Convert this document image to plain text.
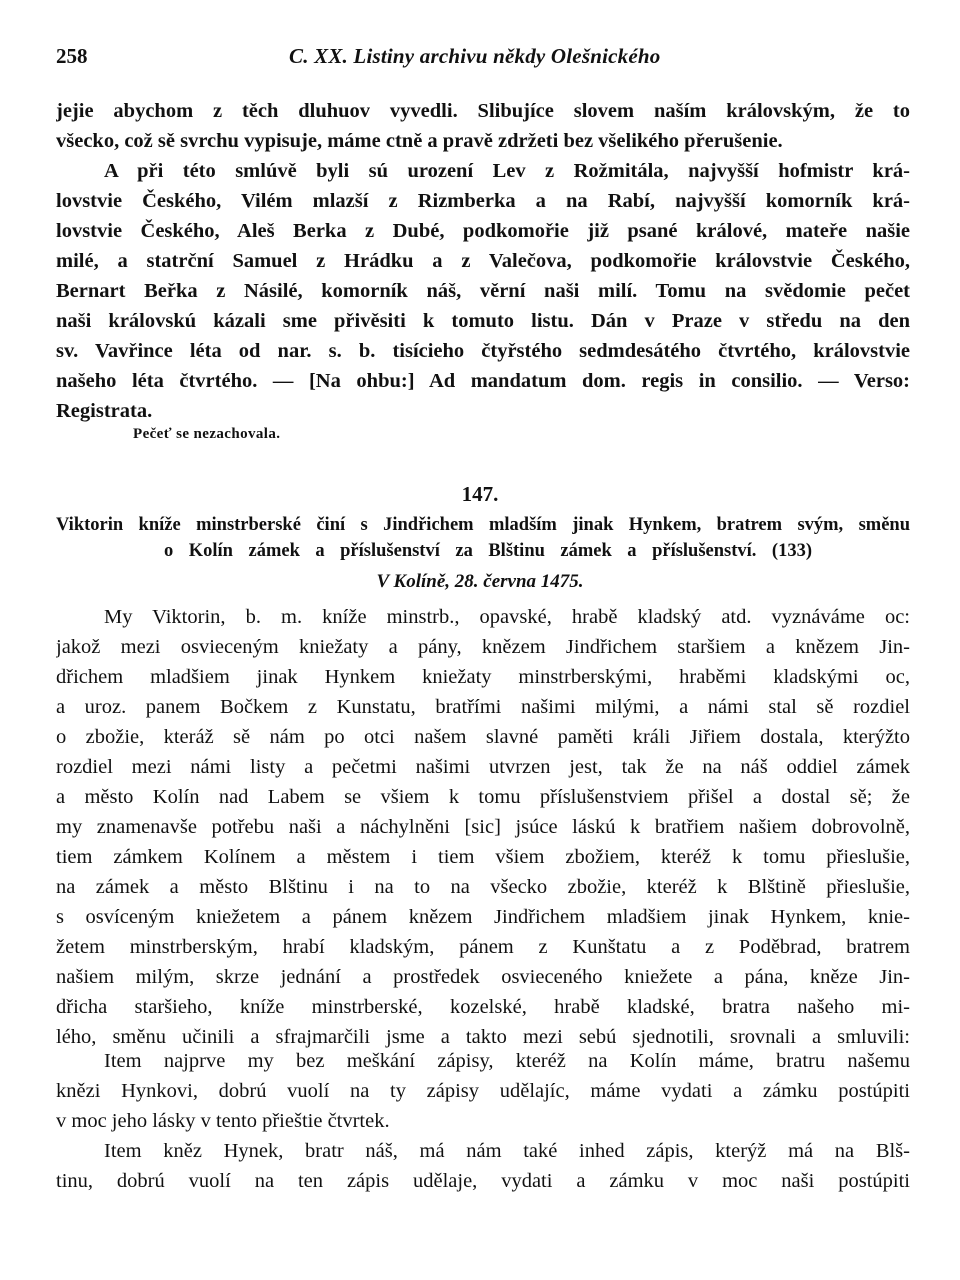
258	C. XX. Listiny archivu někdy Olešnického
jejie abychom z těch dluhuov vyvedli. Slibujíce slovem naším královským, že to
všecko, což sě svrchu vypisuje, máme ctně a pravě zdržeti bez všelikého přerušenie.
A při této smlúvě byli sú urození Lev z Rožmitála, najvyšší hofmistr krá-
lovstvie Českého, Vilém mlazší z Rizmberka a na Rabí, najvyšší komorník krá-
lovstvie Českého, Aleš Berka z Dubé, podkomořie již psané králové, mateře našie
milé, a statrční Samuel z Hrádku a z Valečova, podkomořie královstvie Českého,
Bernart Beřka z Násilé, komorník náš, věrní naši milí. Tomu na svědomie pečet
naši královskú kázali sme přivěsiti k tomuto listu. Dán v Praze v středu na den
sv. Vavřince léta od nar. s. b. tisícieho čtyřstého sedmdesátého čtvrtého, královstvie
našeho léta čtvrtého. — [Na ohbu:] Ad mandatum dom. regis in consilio. — Verso:
Registrata.
Pečeť se nezachovala.
147.
Viktorin kníže minstrberské činí s Jindřichem mladším jinak Hynkem, bratrem svým, směnu
o Kolín zámek a příslušenství za Blštinu zámek a příslušenství. (133)
V Kolíně, 28. června 1475.
My Viktorin, b. m. kníže minstrb., opavské, hrabě kladský atd. vyznáváme oc:
jakož mezi osvieceným kniežaty a pány, knězem Jindřichem staršiem a knězem Jin-
dřichem mladšiem jinak Hynkem kniežaty minstrberskými, hraběmi kladskými oc,
a uroz. panem Bočkem z Kunstatu, bratřími našimi milými, a námi stal sě rozdiel
o zbožie, kteráž sě nám po otci našem slavné paměti králi Jiřiem dostala, kterýžto
rozdiel mezi námi listy a pečetmi našimi utvrzen jest, tak že na náš oddiel zámek
a město Kolín nad Labem se všiem k tomu příslušenstviem přišel a dostal sě; že
my znamenavše potřebu naši a náchylněni [sic] jsúce láskú k bratřiem našiem dobrovolně,
tiem zámkem Kolínem a městem i tiem všiem zbožiem, kteréž k tomu přieslušie,
na zámek a město Blštinu i na to na všecko zbožie, kteréž k Blštině přieslušie,
s osvíceným kniežetem a pánem knězem Jindřichem mladšiem jinak Hynkem, knie-
žetem minstrberským, hrabí kladským, pánem z Kunštatu a z Poděbrad, bratrem
našiem milým, skrze jednání a prostředek osvieceného kniežete a pána, kněze Jin-
dřicha staršieho, kníže minstrberské, kozelské, hrabě kladské, bratra našeho mi-
lého, směnu učinili a sfrajmarčili jsme a takto mezi sebú sjednotili, srovnali a smluvili:
Item najprve my bez meškání zápisy, kteréž na Kolín máme, bratru našemu
knězi Hynkovi, dobrú vuolí na ty zápisy udělajíc, máme vydati a zámku postúpiti
v moc jeho lásky v tento přieštie čtvrtek.
Item kněz Hynek, bratr náš, má nám také inhed zápis, kterýž má na Blš-
tinu, dobrú vuolí na ten zápis udělaje, vydati a zámku v moc naši postúpiti
